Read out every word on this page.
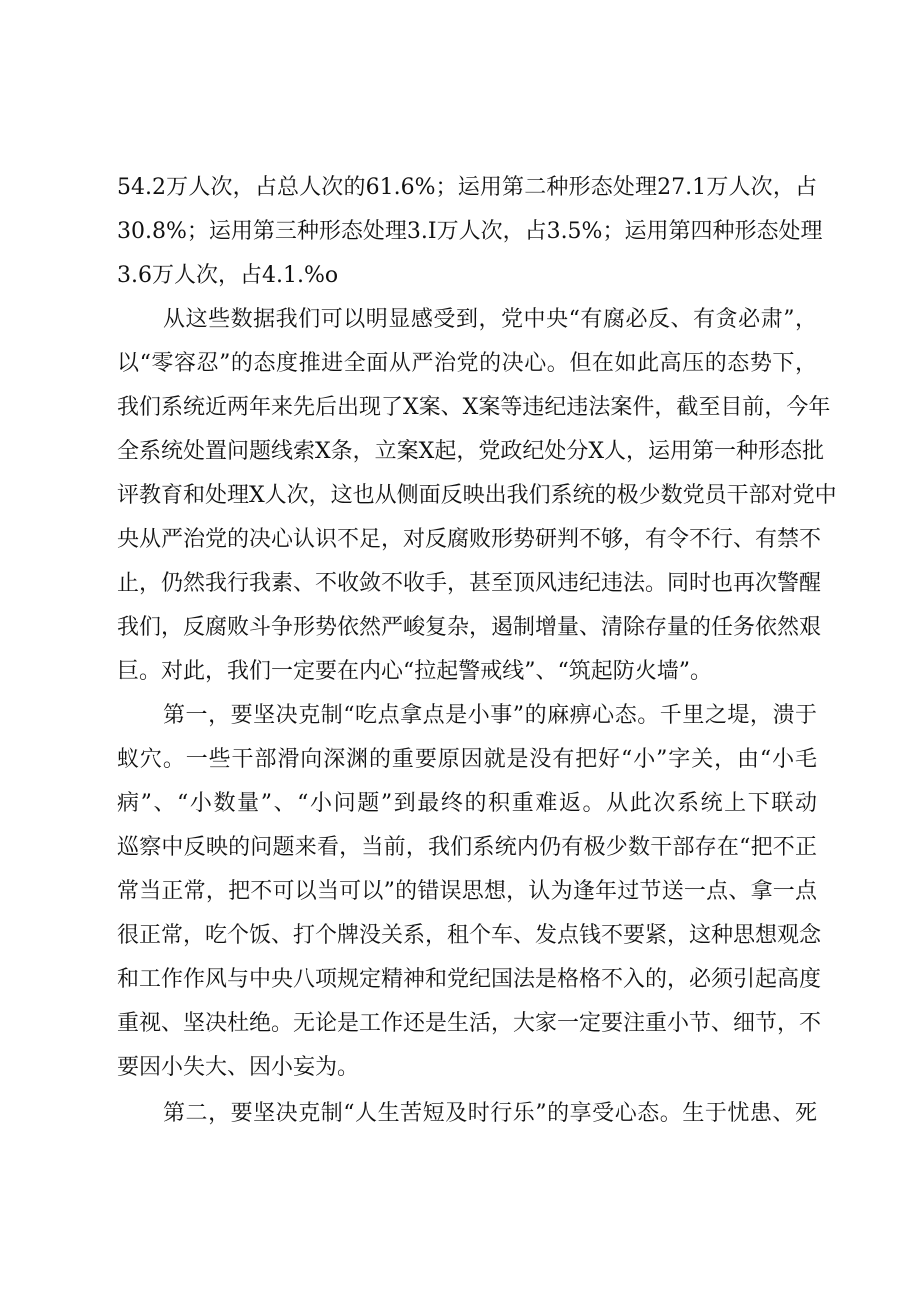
54.2万人次，占总人次的61.6%；运用第二种形态处理27.1万人次，占
30.8%；运用第三种形态处理3.I万人次，占3.5%；运用第四种形态处理
3.6万人次，占4.1.%o
从这些数据我们可以明显感受到，党中央“有腐必反、有贪必肃”，
以“零容忍”的态度推进全面从严治党的决心。但在如此高压的态势下，
我们系统近两年来先后出现了X案、X案等违纪违法案件，截至目前，今年
全系统处置问题线索X条，立案X起，党政纪处分X人，运用第一种形态批
评教育和处理X人次，这也从侧面反映出我们系统的极少数党员干部对党中
央从严治党的决心认识不足，对反腐败形势研判不够，有令不行、有禁不
止，仍然我行我素、不收敛不收手，甚至顶风违纪违法。同时也再次警醒
我们，反腐败斗争形势依然严峻复杂，遏制增量、清除存量的任务依然艰
巨。对此，我们一定要在内心“拉起警戒线”、“筑起防火墙”。
第一，要坚决克制“吃点拿点是小事”的麻痹心态。千里之堤，溃于
蚁穴。一些干部滑向深渊的重要原因就是没有把好“小”字关，由“小毛
病”、“小数量”、“小问题”到最终的积重难返。从此次系统上下联动
巡察中反映的问题来看，当前，我们系统内仍有极少数干部存在“把不正
常当正常，把不可以当可以”的错误思想，认为逢年过节送一点、拿一点
很正常，吃个饭、打个牌没关系，租个车、发点钱不要紧，这种思想观念
和工作作风与中央八项规定精神和党纪国法是格格不入的，必须引起高度
重视、坚决杜绝。无论是工作还是生活，大家一定要注重小节、细节，不
要因小失大、因小妄为。
第二，要坚决克制“人生苦短及时行乐”的享受心态。生于忧患、死
